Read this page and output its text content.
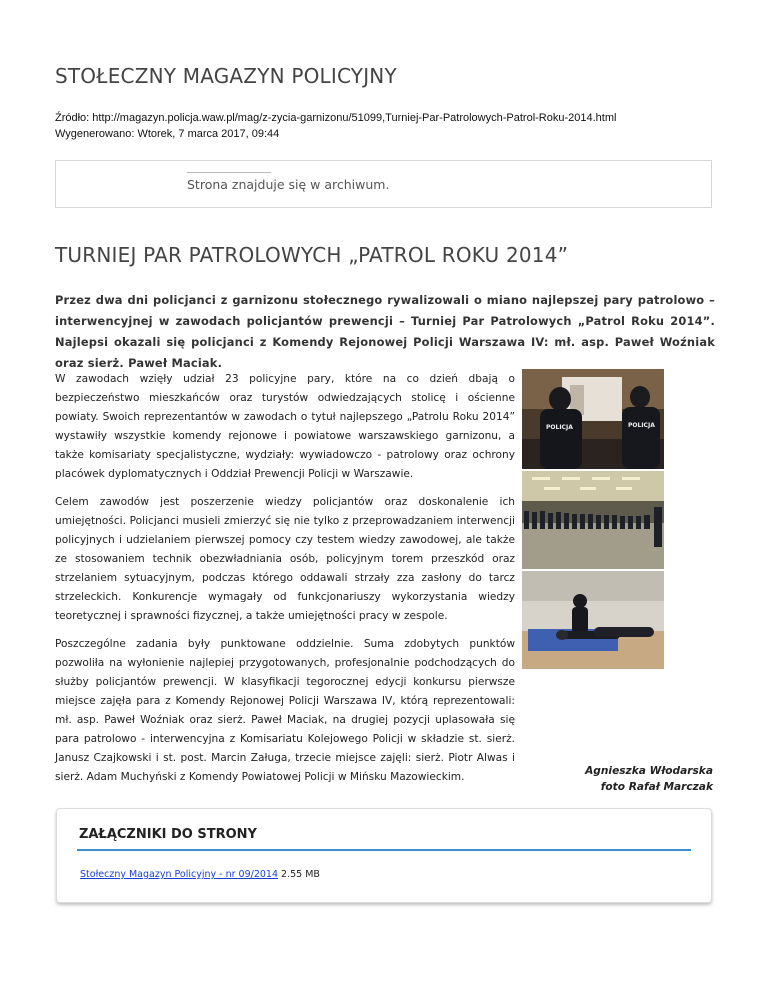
STOŁECZNY MAGAZYN POLICYJNY
Źródło: http://magazyn.policja.waw.pl/mag/z-zycia-garnizonu/51099,Turniej-Par-Patrolowych-Patrol-Roku-2014.html
Wygenerowano: Wtorek, 7 marca 2017, 09:44
Strona znajduje się w archiwum.
TURNIEJ PAR PATROLOWYCH „PATROL ROKU 2014”

Przez dwa dni policjanci z garnizonu stołecznego rywalizowali o miano najlepszej pary patrolowo – interwencyjnej w zawodach policjantów prewencji – Turniej Par Patrolowych „Patrol Roku 2014”. Najlepsi okazali się policjanci z Komendy Rejonowej Policji Warszawa IV: mł. asp. Paweł Woźniak oraz sierż. Paweł Maciak.

W zawodach wzięły udział 23 policyjne pary, które na co dzień dbają o bezpieczeństwo mieszkańców oraz turystów odwiedzających stolicę i ościenne powiaty. Swoich reprezentantów w zawodach o tytuł najlepszego „Patrolu Roku 2014” wystawiły wszystkie komendy rejonowe i powiatowe warszawskiego garnizonu, a także komisariaty specjalistyczne, wydziały: wywiadowczo - patrolowy oraz ochrony placówek dyplomatycznych i Oddział Prewencji Policji w Warszawie.

Celem zawodów jest poszerzenie wiedzy policjantów oraz doskonalenie ich umiejętności. Policjanci musieli zmierzyć się nie tylko z przeprowadzaniem interwencji policyjnych i udzielaniem pierwszej pomocy czy testem wiedzy zawodowej, ale także ze stosowaniem technik obezwładniania osób, policyjnym torem przeszkód oraz strzelaniem sytuacyjnym, podczas którego oddawali strzały zza zasłony do tarcz strzeleckich. Konkurencje wymagały od funkcjonariuszy wykorzystania wiedzy teoretycznej i sprawności fizycznej, a także umiejętności pracy w zespole.

Poszczególne zadania były punktowane oddzielnie. Suma zdobytych punktów pozwoliła na wyłonienie najlepiej przygotowanych, profesjonalnie podchodzących do służby policjantów prewencji. W klasyfikacji tegorocznej edycji konkursu pierwsze miejsce zajęła para z Komendy Rejonowej Policji Warszawa IV, którą reprezentowali: mł. asp. Paweł Woźniak oraz sierż. Paweł Maciak, na drugiej pozycji uplasowała się para patrolowo - interwencyjna z Komisariatu Kolejowego Policji w składzie st. sierż. Janusz Czajkowski i st. post. Marcin Załuga, trzecie miejsce zajęli: sierż. Piotr Alwas i sierż. Adam Muchyński z Komendy Powiatowej Policji w Mińsku Mazowieckim.

POLICJA	POLICJA
Agnieszka Włodarska
foto Rafał Marczak
ZAŁĄCZNIKI DO STRONY
Stołeczny Magazyn Policyjny - nr 09/2014 2.55 MB
